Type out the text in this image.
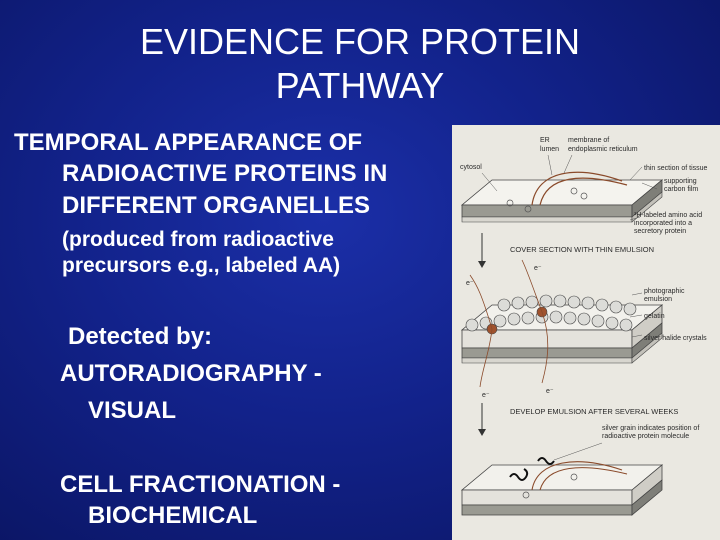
EVIDENCE FOR PROTEIN
PATHWAY
TEMPORAL APPEARANCE OF
RADIOACTIVE PROTEINS IN
DIFFERENT ORGANELLES
(produced from radioactive
precursors e.g., labeled AA)
Detected by:
AUTORADIOGRAPHY -
VISUAL
CELL FRACTIONATION -
BIOCHEMICAL
ER
lumen
membrane of
endoplasmic reticulum
cytosol	thin section of tissue
supporting
carbon film
³H-labeled amino acid
incorporated into a
secretory protein
COVER SECTION WITH THIN EMULSION
e⁻
e⁻
e⁻
e⁻
photographic
emulsion
gelatin
silver halide crystals
DEVELOP EMULSION AFTER SEVERAL WEEKS
silver grain indicates position of
radioactive protein molecule
